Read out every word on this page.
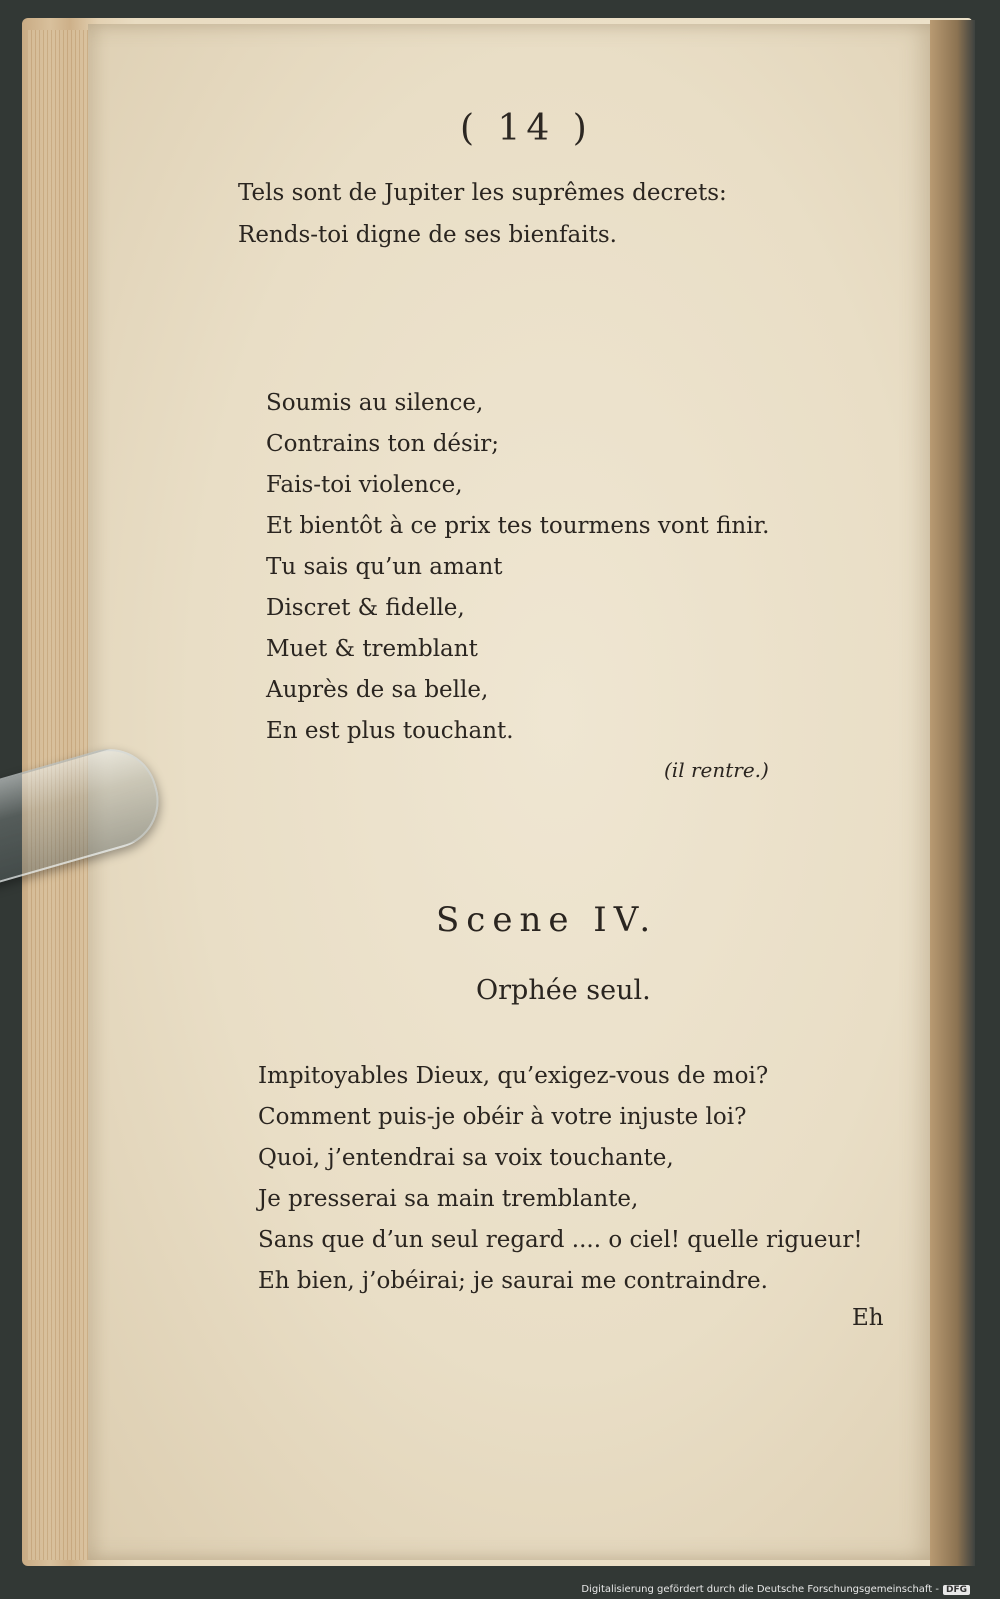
( 14 )
Tels sont de Jupiter les suprêmes decrets:
Rends-toi digne de ses bienfaits.
Soumis au silence,
Contrains ton désir;
Fais-toi violence,
Et bientôt à ce prix tes tourmens vont finir.
Tu sais qu’un amant
Discret & fidelle,
Muet & tremblant
Auprès de sa belle,
En est plus touchant.
(il rentre.)
Scene IV.
Orphée seul.
Impitoyables Dieux, qu’exigez-vous de moi?
Comment puis-je obéir à votre injuste loi?
Quoi, j’entendrai sa voix touchante,
Je presserai sa main tremblante,
Sans que d’un seul regard .... o ciel! quelle rigueur!
Eh bien, j’obéirai; je saurai me contraindre.
Eh
Digitalisierung gefördert durch die Deutsche Forschungsgemeinschaft - DFG
